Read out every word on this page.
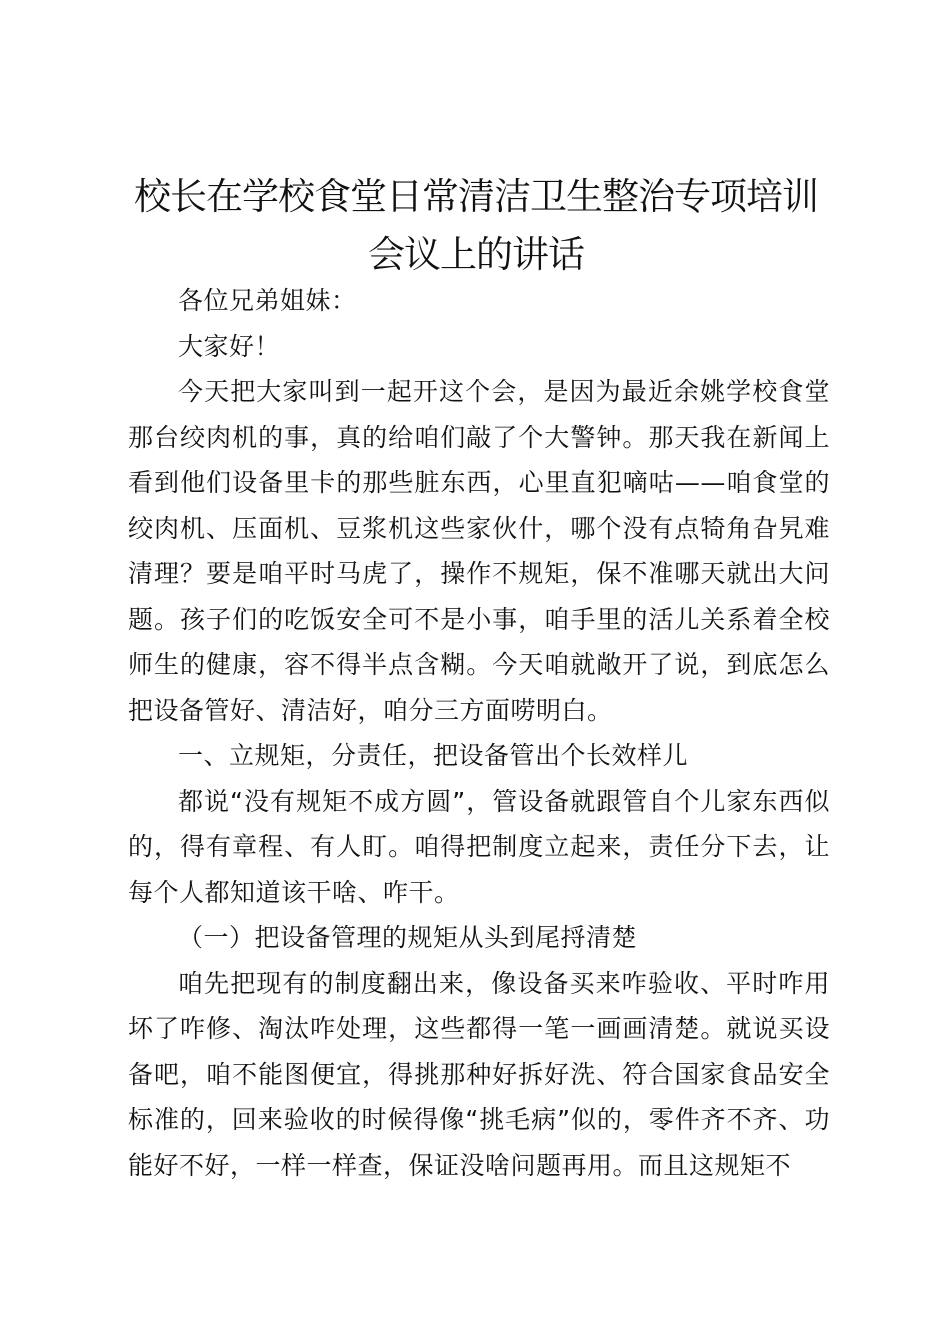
校长在学校食堂日常清洁卫生整治专项培训会议上的讲话

各位兄弟姐妹：

大家好！

今天把大家叫到一起开这个会，是因为最近余姚学校食堂那台绞肉机的事，真的给咱们敲了个大警钟。那天我在新闻上看到他们设备里卡的那些脏东西，心里直犯嘀咕——咱食堂的绞肉机、压面机、豆浆机这些家伙什，哪个没有点犄角旮旯难清理？要是咱平时马虎了，操作不规矩，保不准哪天就出大问题。孩子们的吃饭安全可不是小事，咱手里的活儿关系着全校师生的健康，容不得半点含糊。今天咱就敞开了说，到底怎么把设备管好、清洁好，咱分三方面唠明白。

一、立规矩，分责任，把设备管出个长效样儿

都说“没有规矩不成方圆”，管设备就跟管自个儿家东西似的，得有章程、有人盯。咱得把制度立起来，责任分下去，让每个人都知道该干啥、咋干。

（一）把设备管理的规矩从头到尾捋清楚

咱先把现有的制度翻出来，像设备买来咋验收、平时咋用坏了咋修、淘汰咋处理，这些都得一笔一画画清楚。就说买设备吧，咱不能图便宜，得挑那种好拆好洗、符合国家食品安全标准的，回来验收的时候得像“挑毛病”似的，零件齐不齐、功能好不好，一样一样查，保证没啥问题再用。而且这规矩不
